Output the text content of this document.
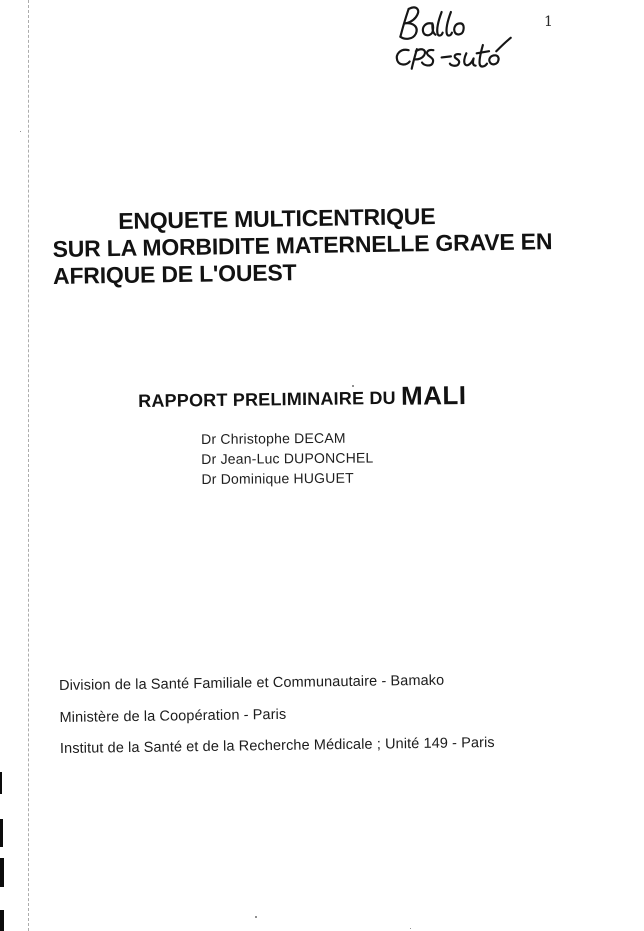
1
ENQUETE MULTICENTRIQUE
SUR LA MORBIDITE MATERNELLE GRAVE EN
AFRIQUE DE L'OUEST
RAPPORT PRELIMINAIRE DU MALI
Dr Christophe DECAM
Dr Jean-Luc DUPONCHEL
Dr Dominique HUGUET
Division de la Santé Familiale et Communautaire - Bamako
Ministère de la Coopération - Paris
Institut de la Santé et de la Recherche Médicale ; Unité 149 - Paris
